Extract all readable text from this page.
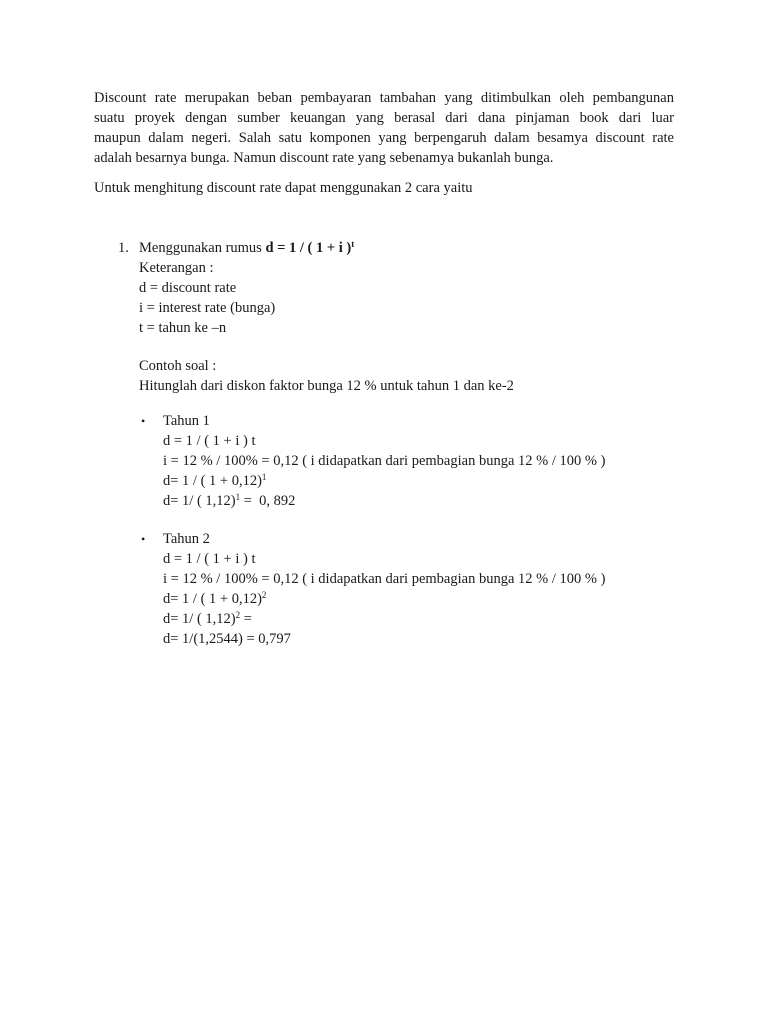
Discount rate merupakan beban pembayaran tambahan yang ditimbulkan oleh pembangunan
suatu proyek dengan sumber keuangan yang berasal dari dana pinjaman book dari luar
maupun dalam negeri. Salah satu komponen yang berpengaruh dalam besamya discount rate
adalah besarnya bunga. Namun discount rate yang sebenamya bukanlah bunga.

Untuk menghitung discount rate dapat menggunakan 2 cara yaitu

1. Menggunakan rumus d = 1 / ( 1 + i )$^t$
Keterangan :
d = discount rate
i = interest rate (bunga)
t = tahun ke –n
Contoh soal :
Hitunglah dari diskon faktor bunga 12 % untuk tahun 1 dan ke-2
•	Tahun 1
d = 1 / ( 1 + i ) t
i = 12 % / 100% = 0,12 ( i didapatkan dari pembagian bunga 12 % / 100 % )
d= 1 / ( 1 + 0,12)$^1$
d= 1/ ( 1,12)$^1$ =  0, 892
•	Tahun 2
d = 1 / ( 1 + i ) t
i = 12 % / 100% = 0,12 ( i didapatkan dari pembagian bunga 12 % / 100 % )
d= 1 / ( 1 + 0,12)$^2$
d= 1/ ( 1,12)$^2$ =
d= 1/(1,2544) = 0,797
